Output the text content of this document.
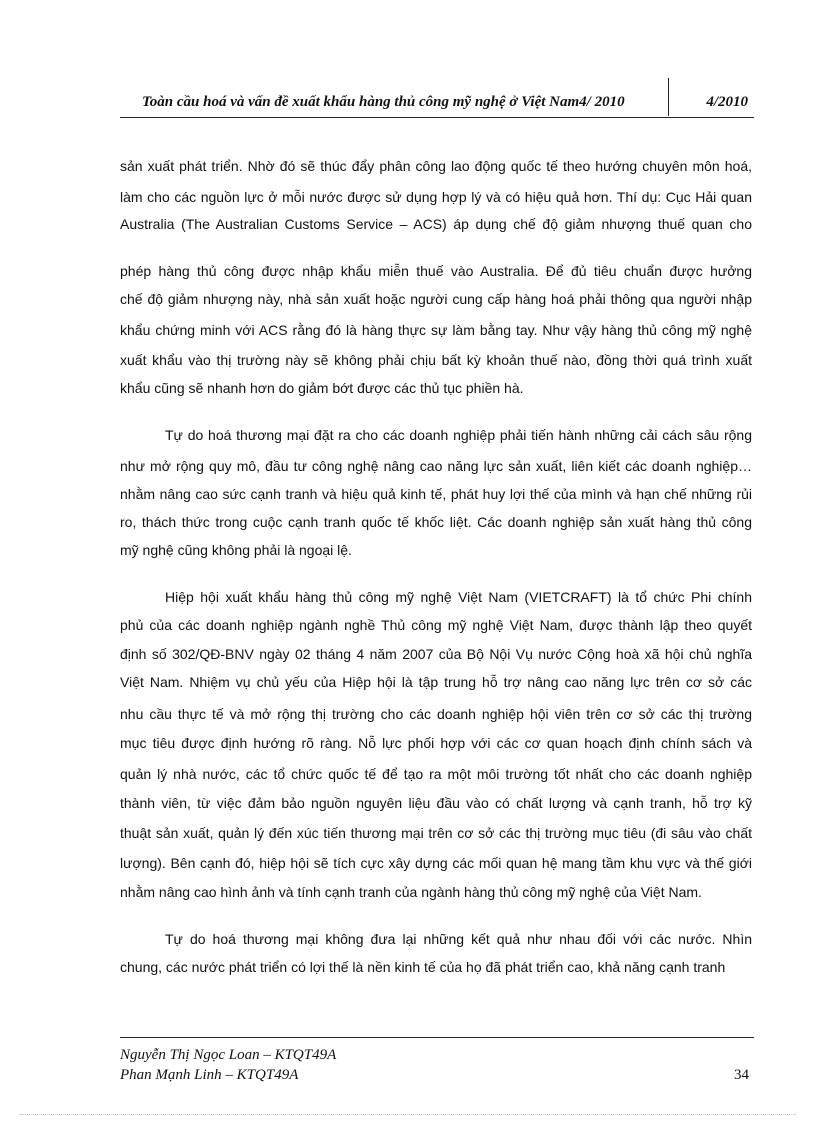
Toàn cầu hoá và vấn đề xuất khẩu hàng thủ công mỹ nghệ ở Việt Nam4/ 2010	4/2010
sản xuất phát triển. Nhờ đó sẽ thúc đẩy phân công lao động quốc tế theo hướng chuyên môn hoá,
làm cho các nguồn lực ở mỗi nước được sử dụng hợp lý và có hiệu quả hơn. Thí dụ: Cục Hải quan
Australia (The Australian Customs Service – ACS) áp dụng chế độ giảm nhượng thuế quan cho
phép hàng thủ công được nhập khẩu miễn thuế vào Australia. Để đủ tiêu chuẩn được hưởng
chế độ giảm nhượng này, nhà sản xuất hoặc người cung cấp hàng hoá phải thông qua người nhập
khẩu chứng minh với ACS rằng đó là hàng thực sự làm bằng tay. Như vậy hàng thủ công mỹ nghệ
xuất khẩu vào thị trường này sẽ không phải chịu bất kỳ khoản thuế nào, đồng thời quá trình xuất
khẩu cũng sẽ nhanh hơn do giảm bớt được các thủ tục phiền hà.
Tự do hoá thương mại đặt ra cho các doanh nghiệp phải tiến hành những cải cách sâu rộng
như mở rộng quy mô, đầu tư công nghệ nâng cao năng lực sản xuất, liên kiết các doanh nghiệp…
nhằm nâng cao sức cạnh tranh và hiệu quả kinh tế, phát huy lợi thế của mình và hạn chế những rủi
ro, thách thức trong cuộc cạnh tranh quốc tế khốc liệt. Các doanh nghiệp sản xuất hàng thủ công
mỹ nghệ cũng không phải là ngoại lệ.
Hiệp hội xuất khẩu hàng thủ công mỹ nghệ Việt Nam (VIETCRAFT) là tổ chức Phi chính
phủ của các doanh nghiệp ngành nghề Thủ công mỹ nghệ Việt Nam, được thành lập theo quyết
định số 302/QĐ-BNV ngày 02 tháng 4 năm 2007 của Bộ Nội Vụ nước Cộng hoà xã hội chủ nghĩa
Việt Nam. Nhiệm vụ chủ yếu của Hiệp hội là tập trung hỗ trợ nâng cao năng lực trên cơ sở các
nhu cầu thực tế và mở rộng thị trường cho các doanh nghiệp hội viên trên cơ sở các thị trường
mục tiêu được định hướng rõ ràng. Nỗ lực phối hợp với các cơ quan hoạch định chính sách và
quản lý nhà nước, các tổ chức quốc tế để tạo ra một môi trường tốt nhất cho các doanh nghiệp
thành viên, từ việc đảm bảo nguồn nguyên liệu đầu vào có chất lượng và cạnh tranh, hỗ trợ kỹ
thuật sản xuất, quản lý đến xúc tiến thương mại trên cơ sở các thị trường mục tiêu (đi sâu vào chất
lượng). Bên cạnh đó, hiệp hội sẽ tích cực xây dựng các mối quan hệ mang tầm khu vực và thế giới
nhằm nâng cao hình ảnh và tính cạnh tranh của ngành hàng thủ công mỹ nghệ của Việt Nam.
Tự do hoá thương mại không đưa lại những kết quả như nhau đối với các nước. Nhìn
chung, các nước phát triển có lợi thế là nền kinh tế của họ đã phát triển cao, khả năng cạnh tranh
Nguyễn Thị Ngọc Loan – KTQT49A
Phan Mạnh Linh – KTQT49A	34
